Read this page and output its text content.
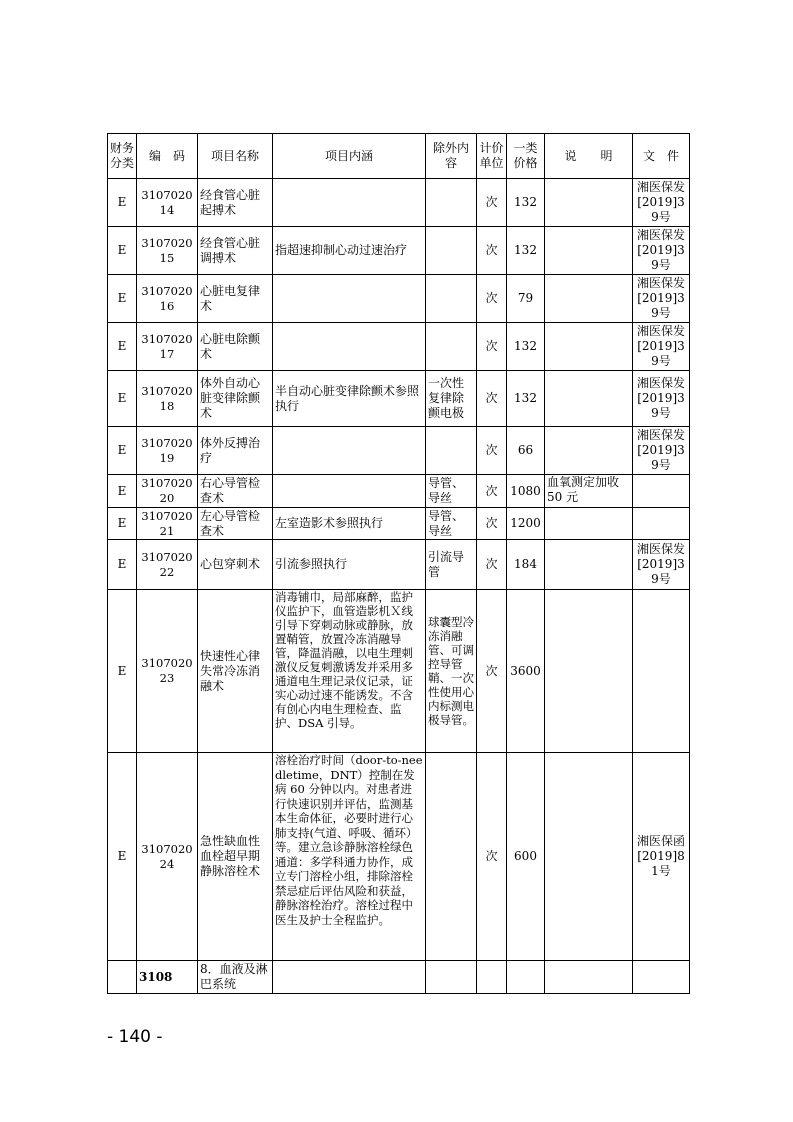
财务分类	编　码	项目名称	项目内涵	除外内容	计价单位	一类价格	说　　明	文　件
E	310702014	经食管心脏起搏术			次	132		湘医保发[2019]39号
E	310702015	经食管心脏调搏术	指超速抑制心动过速治疗		次	132		湘医保发[2019]39号
E	310702016	心脏电复律术			次	79		湘医保发[2019]39号
E	310702017	心脏电除颤术			次	132		湘医保发[2019]39号
E	310702018	体外自动心脏变律除颤术	半自动心脏变律除颤术参照执行	一次性复律除颤电极	次	132		湘医保发[2019]39号
E	310702019	体外反搏治疗			次	66		湘医保发[2019]39号
E	310702020	右心导管检查术		导管、导丝	次	1080	血氧测定加收 50 元	
E	310702021	左心导管检查术	左室造影术参照执行	导管、导丝	次	1200		
E	310702022	心包穿刺术	引流参照执行	引流导管	次	184		湘医保发[2019]39号
E	310702023	快速性心律失常冷冻消融术	消毒铺巾，局部麻醉，监护仪监护下，血管造影机Ｘ线引导下穿刺动脉或静脉，放置鞘管，放置冷冻消融导管，降温消融，以电生理刺激仪反复刺激诱发并采用多通道电生理记录仪记录，证实心动过速不能诱发。不含有创心内电生理检查、监护、DSA 引导。	球囊型冷冻消融管、可调控导管鞘、一次性使用心内标测电极导管。	次	3600		
E	310702024	急性缺血性血栓超早期静脉溶栓术	溶栓治疗时间（door-to-needletime，DNT）控制在发病 60 分钟以内。对患者进行快速识别并评估，监测基本生命体征，必要时进行心肺支持(气道、呼吸、循环）等。建立急诊静脉溶栓绿色通道：多学科通力协作，成立专门溶栓小组，排除溶栓禁忌症后评估风险和获益，静脉溶栓治疗。溶栓过程中医生及护士全程监护。		次	600		湘医保函[2019]81号
	3108	8．血液及淋巴系统						
- 140 -
